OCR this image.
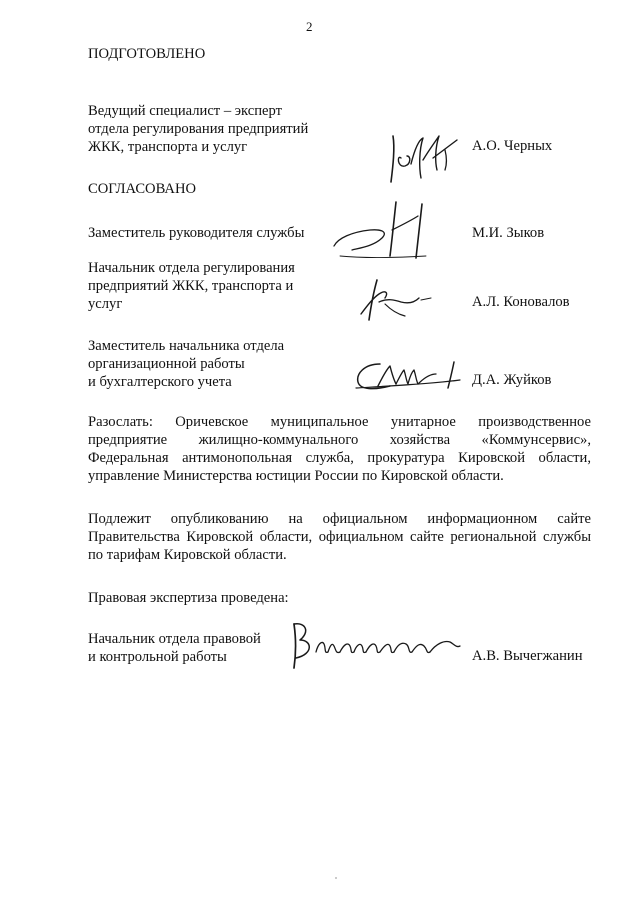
2
ПОДГОТОВЛЕНО
Ведущий специалист – эксперт
отдела регулирования предприятий
ЖКК, транспорта и услуг	А.О. Черных
СОГЛАСОВАНО
Заместитель руководителя службы	М.И. Зыков
Начальник отдела регулирования
предприятий ЖКК, транспорта и
услуг	А.Л. Коновалов
Заместитель начальника отдела
организационной работы
и бухгалтерского учета	Д.А. Жуйков
Разослать: Оричевское муниципальное унитарное производственное
предприятие жилищно-коммунального хозяйства «Коммунсервис»,
Федеральная антимонопольная служба, прокуратура Кировской области,
управление Министерства юстиции России по Кировской области.
Подлежит опубликованию на официальном информационном сайте
Правительства Кировской области, официальном сайте региональной службы
по тарифам Кировской области.
Правовая экспертиза проведена:
Начальник отдела правовой
и контрольной работы	А.В. Вычегжанин
